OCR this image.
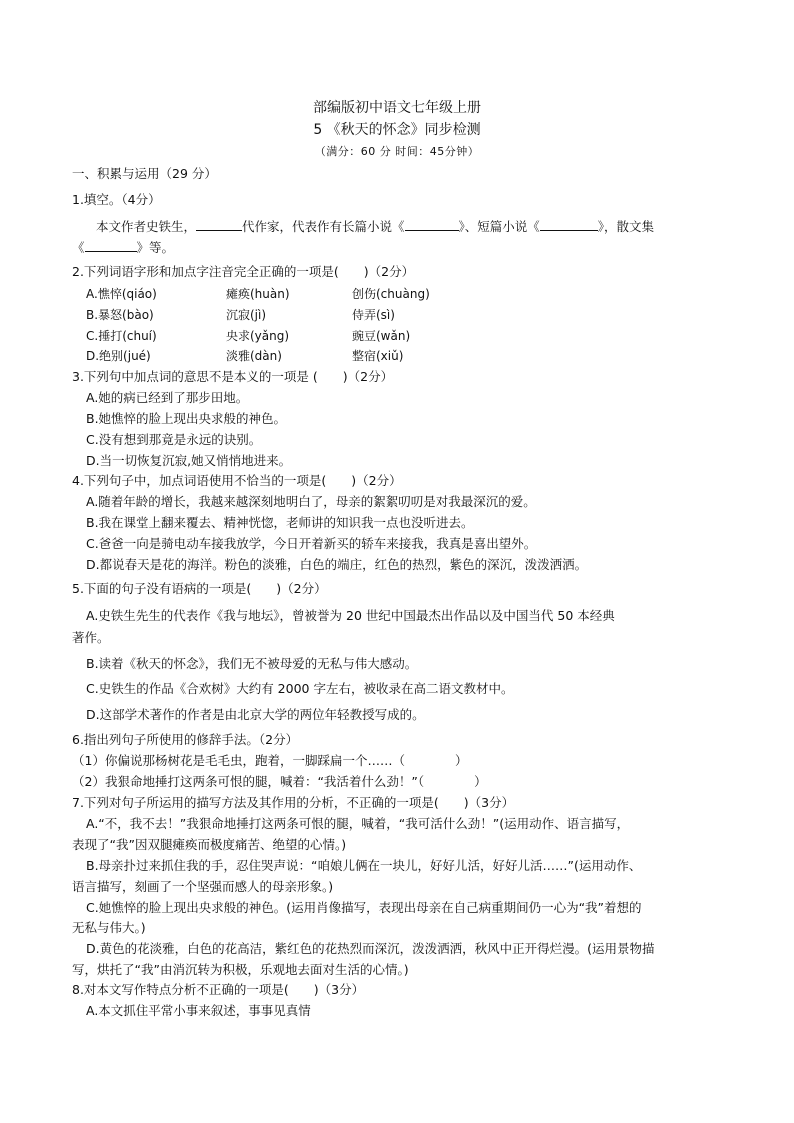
部编版初中语文七年级上册
5 《秋天的怀念》同步检测
（满分：60 分 时间：45分钟）
一、积累与运用（29 分）
1.填空。（4分）
本文作者史铁生，	代作家，代表作有长篇小说《	》、短篇小说《	》，散文集
《	》等。
2.下列词语字形和加点字注音完全正确的一项是(　　)（2分）
A.憔悴(qiáo)	瘫痪(huàn)	创伤(chuàng)
B.暴怒(bào)	沉寂(jì)	侍弄(sì)
C.捶打(chuí)	央求(yǎng)	豌豆(wǎn)
D.绝别(jué)	淡雅(dàn)	整宿(xiǔ)
3.下列句中加点词的意思不是本义的一项是 (　　)（2分）
A.她的病已经到了那步田地。
B.她憔悴的脸上现出央求般的神色。
C.没有想到那竟是永远的诀别。
D.当一切恢复沉寂,她又悄悄地进来。
4.下列句子中，加点词语使用不恰当的一项是(　　)（2分）
A.随着年龄的增长，我越来越深刻地明白了，母亲的絮絮叨叨是对我最深沉的爱。
B.我在课堂上翻来覆去、精神恍惚，老师讲的知识我一点也没听进去。
C.爸爸一向是骑电动车接我放学，今日开着新买的轿车来接我，我真是喜出望外。
D.都说春天是花的海洋。粉色的淡雅，白色的端庄，红色的热烈，紫色的深沉，泼泼洒洒。
5.下面的句子没有语病的一项是(　　)（2分）
A.史铁生先生的代表作《我与地坛》，曾被誉为 20 世纪中国最杰出作品以及中国当代 50 本经典
著作。
B.读着《秋天的怀念》，我们无不被母爱的无私与伟大感动。
C.史铁生的作品《合欢树》大约有 2000 字左右，被收录在高二语文教材中。
D.这部学术著作的作者是由北京大学的两位年轻教授写成的。
6.指出列句子所使用的修辞手法。（2分）
（1）你偏说那杨树花是毛毛虫，跑着，一脚踩扁一个……（　　　　）
（2）我狠命地捶打这两条可恨的腿，喊着：“我活着什么劲！”（　　　　）
7.下列对句子所运用的描写方法及其作用的分析，不正确的一项是(　　)（3分）
A.“不，我不去！”我狠命地捶打这两条可恨的腿，喊着，“我可活什么劲！”(运用动作、语言描写，
表现了“我”因双腿瘫痪而极度痛苦、绝望的心情。)
B.母亲扑过来抓住我的手，忍住哭声说：“咱娘儿俩在一块儿，好好儿活，好好儿活……”(运用动作、
语言描写，刻画了一个坚强而感人的母亲形象。)
C.她憔悴的脸上现出央求般的神色。(运用肖像描写，表现出母亲在自己病重期间仍一心为“我”着想的
无私与伟大。)
D.黄色的花淡雅，白色的花高洁，紫红色的花热烈而深沉，泼泼洒洒，秋风中正开得烂漫。(运用景物描
写，烘托了“我”由消沉转为积极，乐观地去面对生活的心情。)
8.对本文写作特点分析不正确的一项是(　　)（3分）
A.本文抓住平常小事来叙述，事事见真情
